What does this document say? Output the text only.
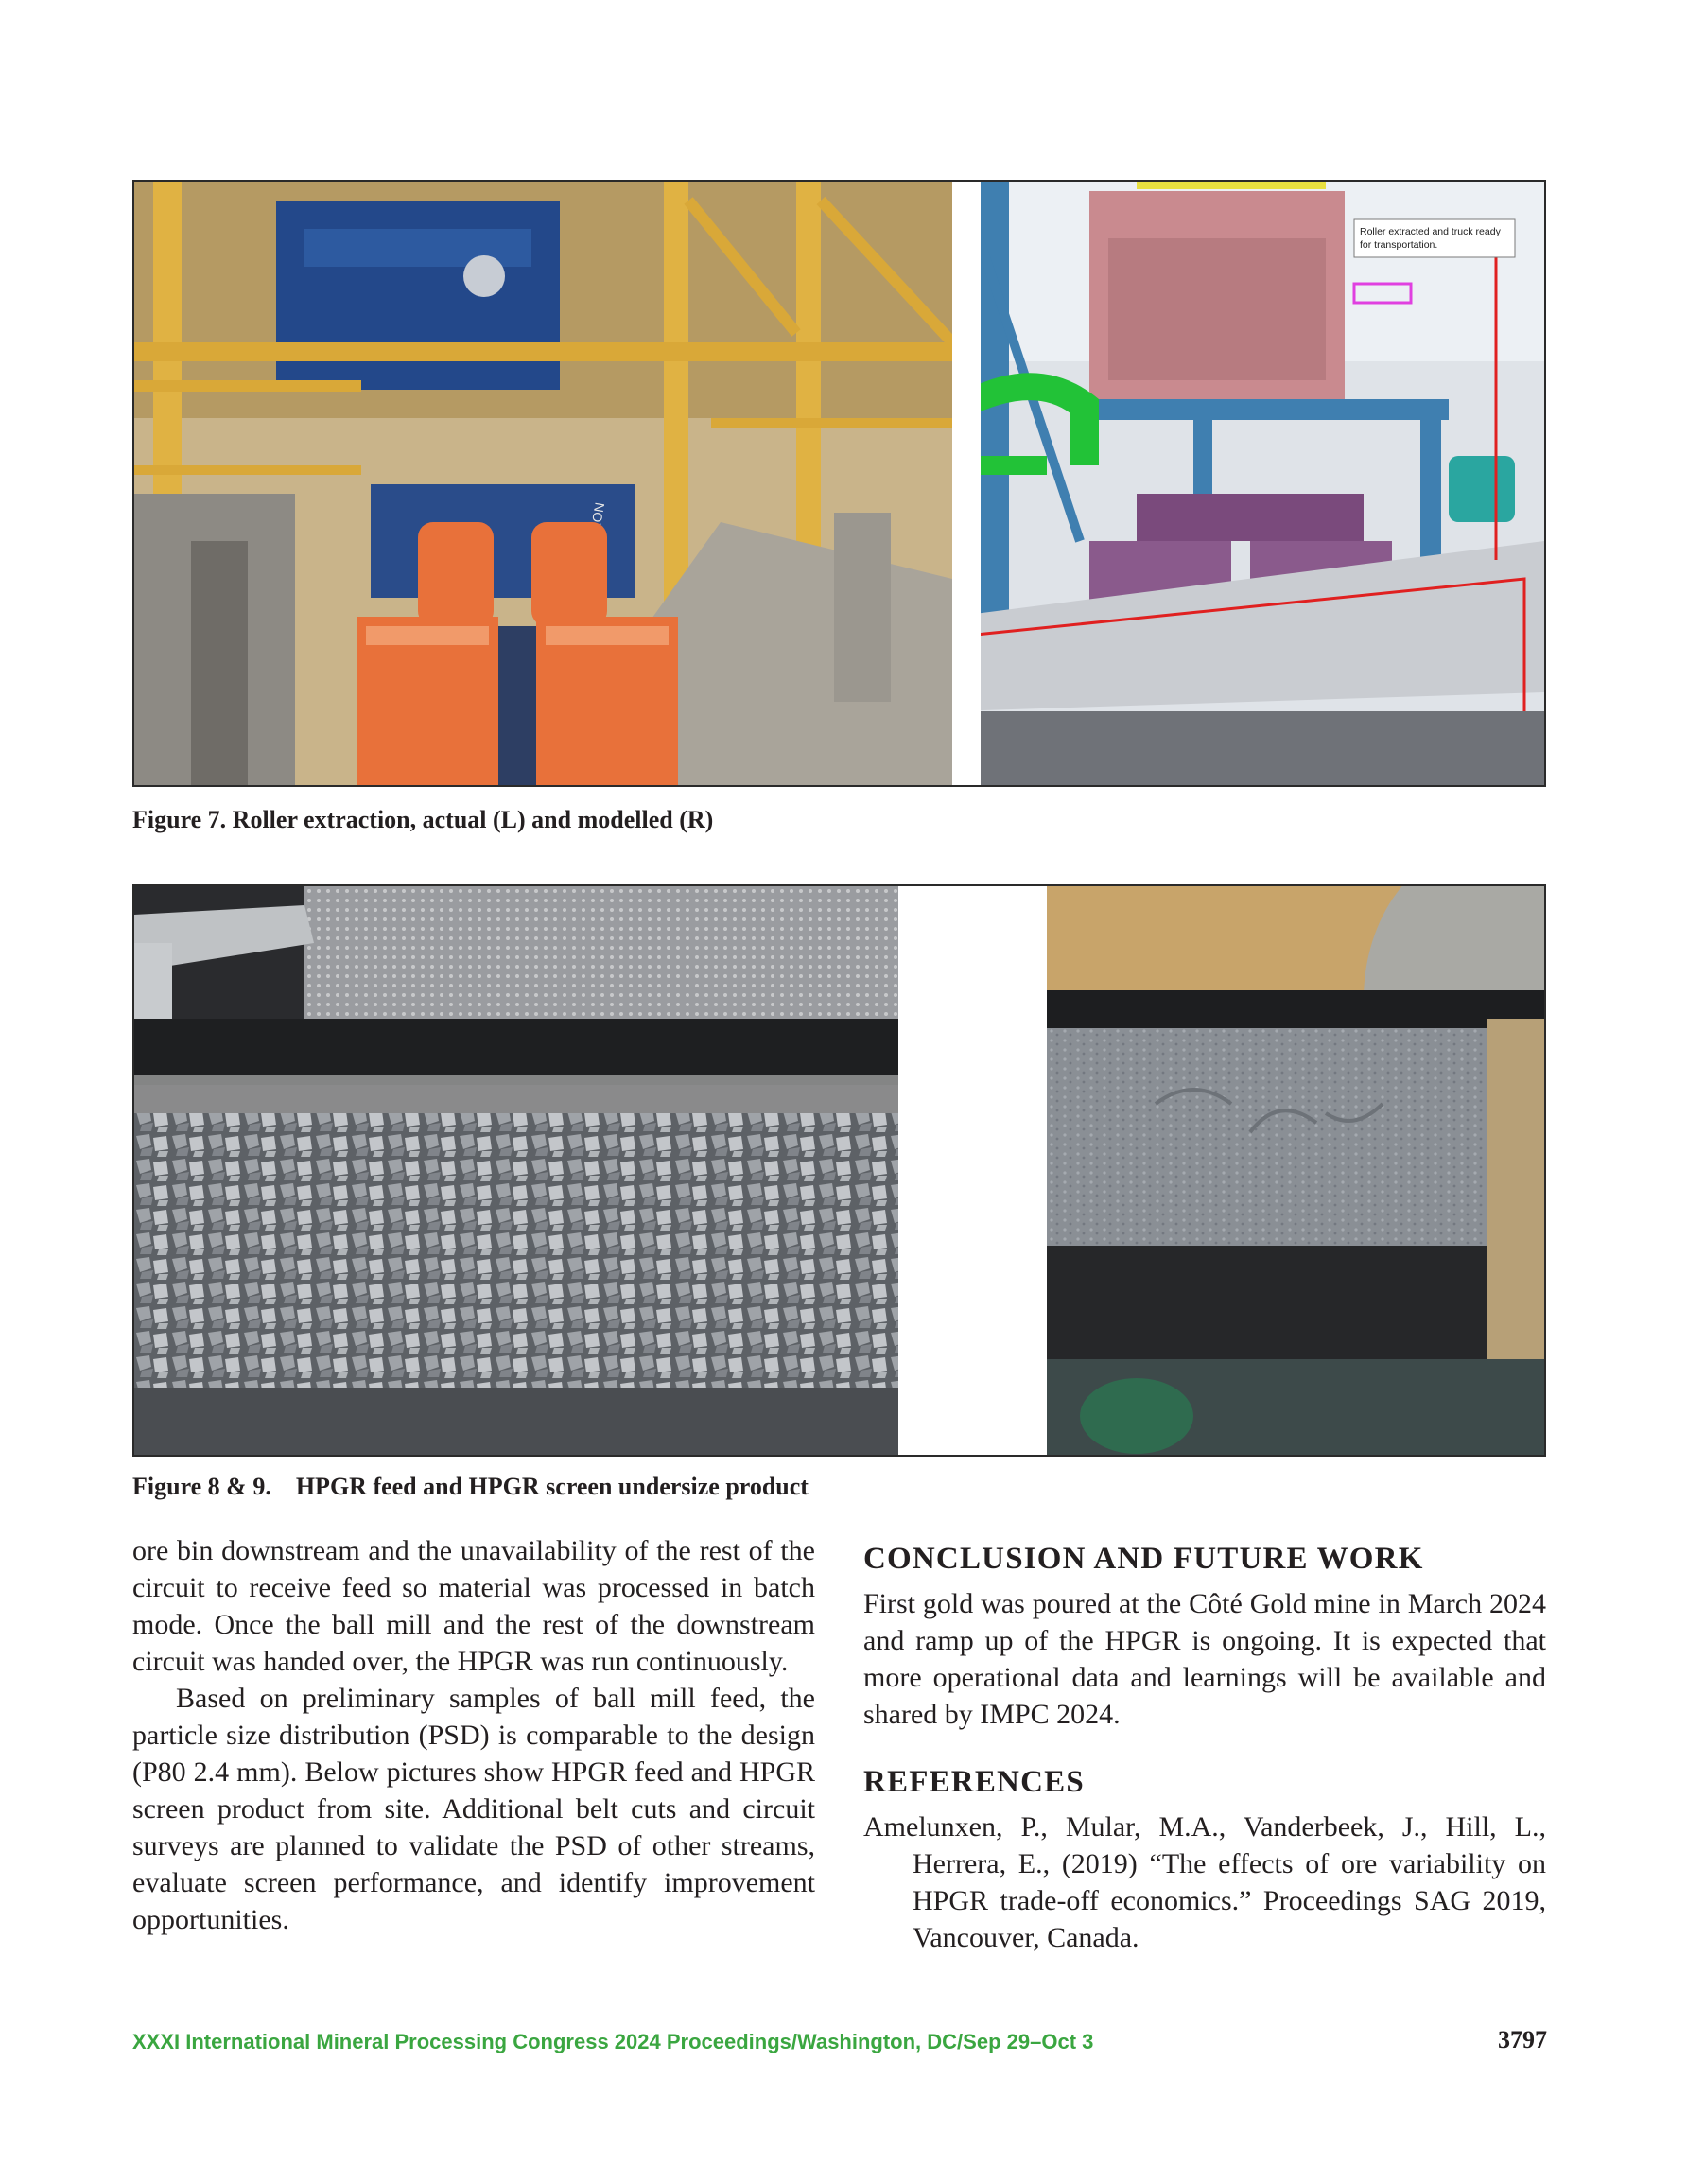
Roller extracted and truck ready
for transportation.
Figure 7. Roller extraction, actual (L) and modelled (R)
Figure 8 & 9.    HPGR feed and HPGR screen undersize product

ore bin downstream and the unavailability of the rest of the circuit to receive feed so material was processed in batch mode. Once the ball mill and the rest of the downstream circuit was handed over, the HPGR was run continuously.

Based on preliminary samples of ball mill feed, the particle size distribution (PSD) is comparable to the design (P80 2.4 mm). Below pictures show HPGR feed and HPGR screen product from site. Additional belt cuts and circuit surveys are planned to validate the PSD of other streams, evaluate screen performance, and identify improvement opportunities.

CONCLUSION AND FUTURE WORK

First gold was poured at the Côté Gold mine in March 2024 and ramp up of the HPGR is ongoing. It is expected that more operational data and learnings will be available and shared by IMPC 2024.

REFERENCES

Amelunxen, P., Mular, M.A., Vanderbeek, J., Hill, L., Herrera, E., (2019) “The effects of ore variability on HPGR trade-off economics.” Proceedings SAG 2019, Vancouver, Canada.

XXXI International Mineral Processing Congress 2024 Proceedings/Washington, DC/Sep 29–Oct 3	3797
